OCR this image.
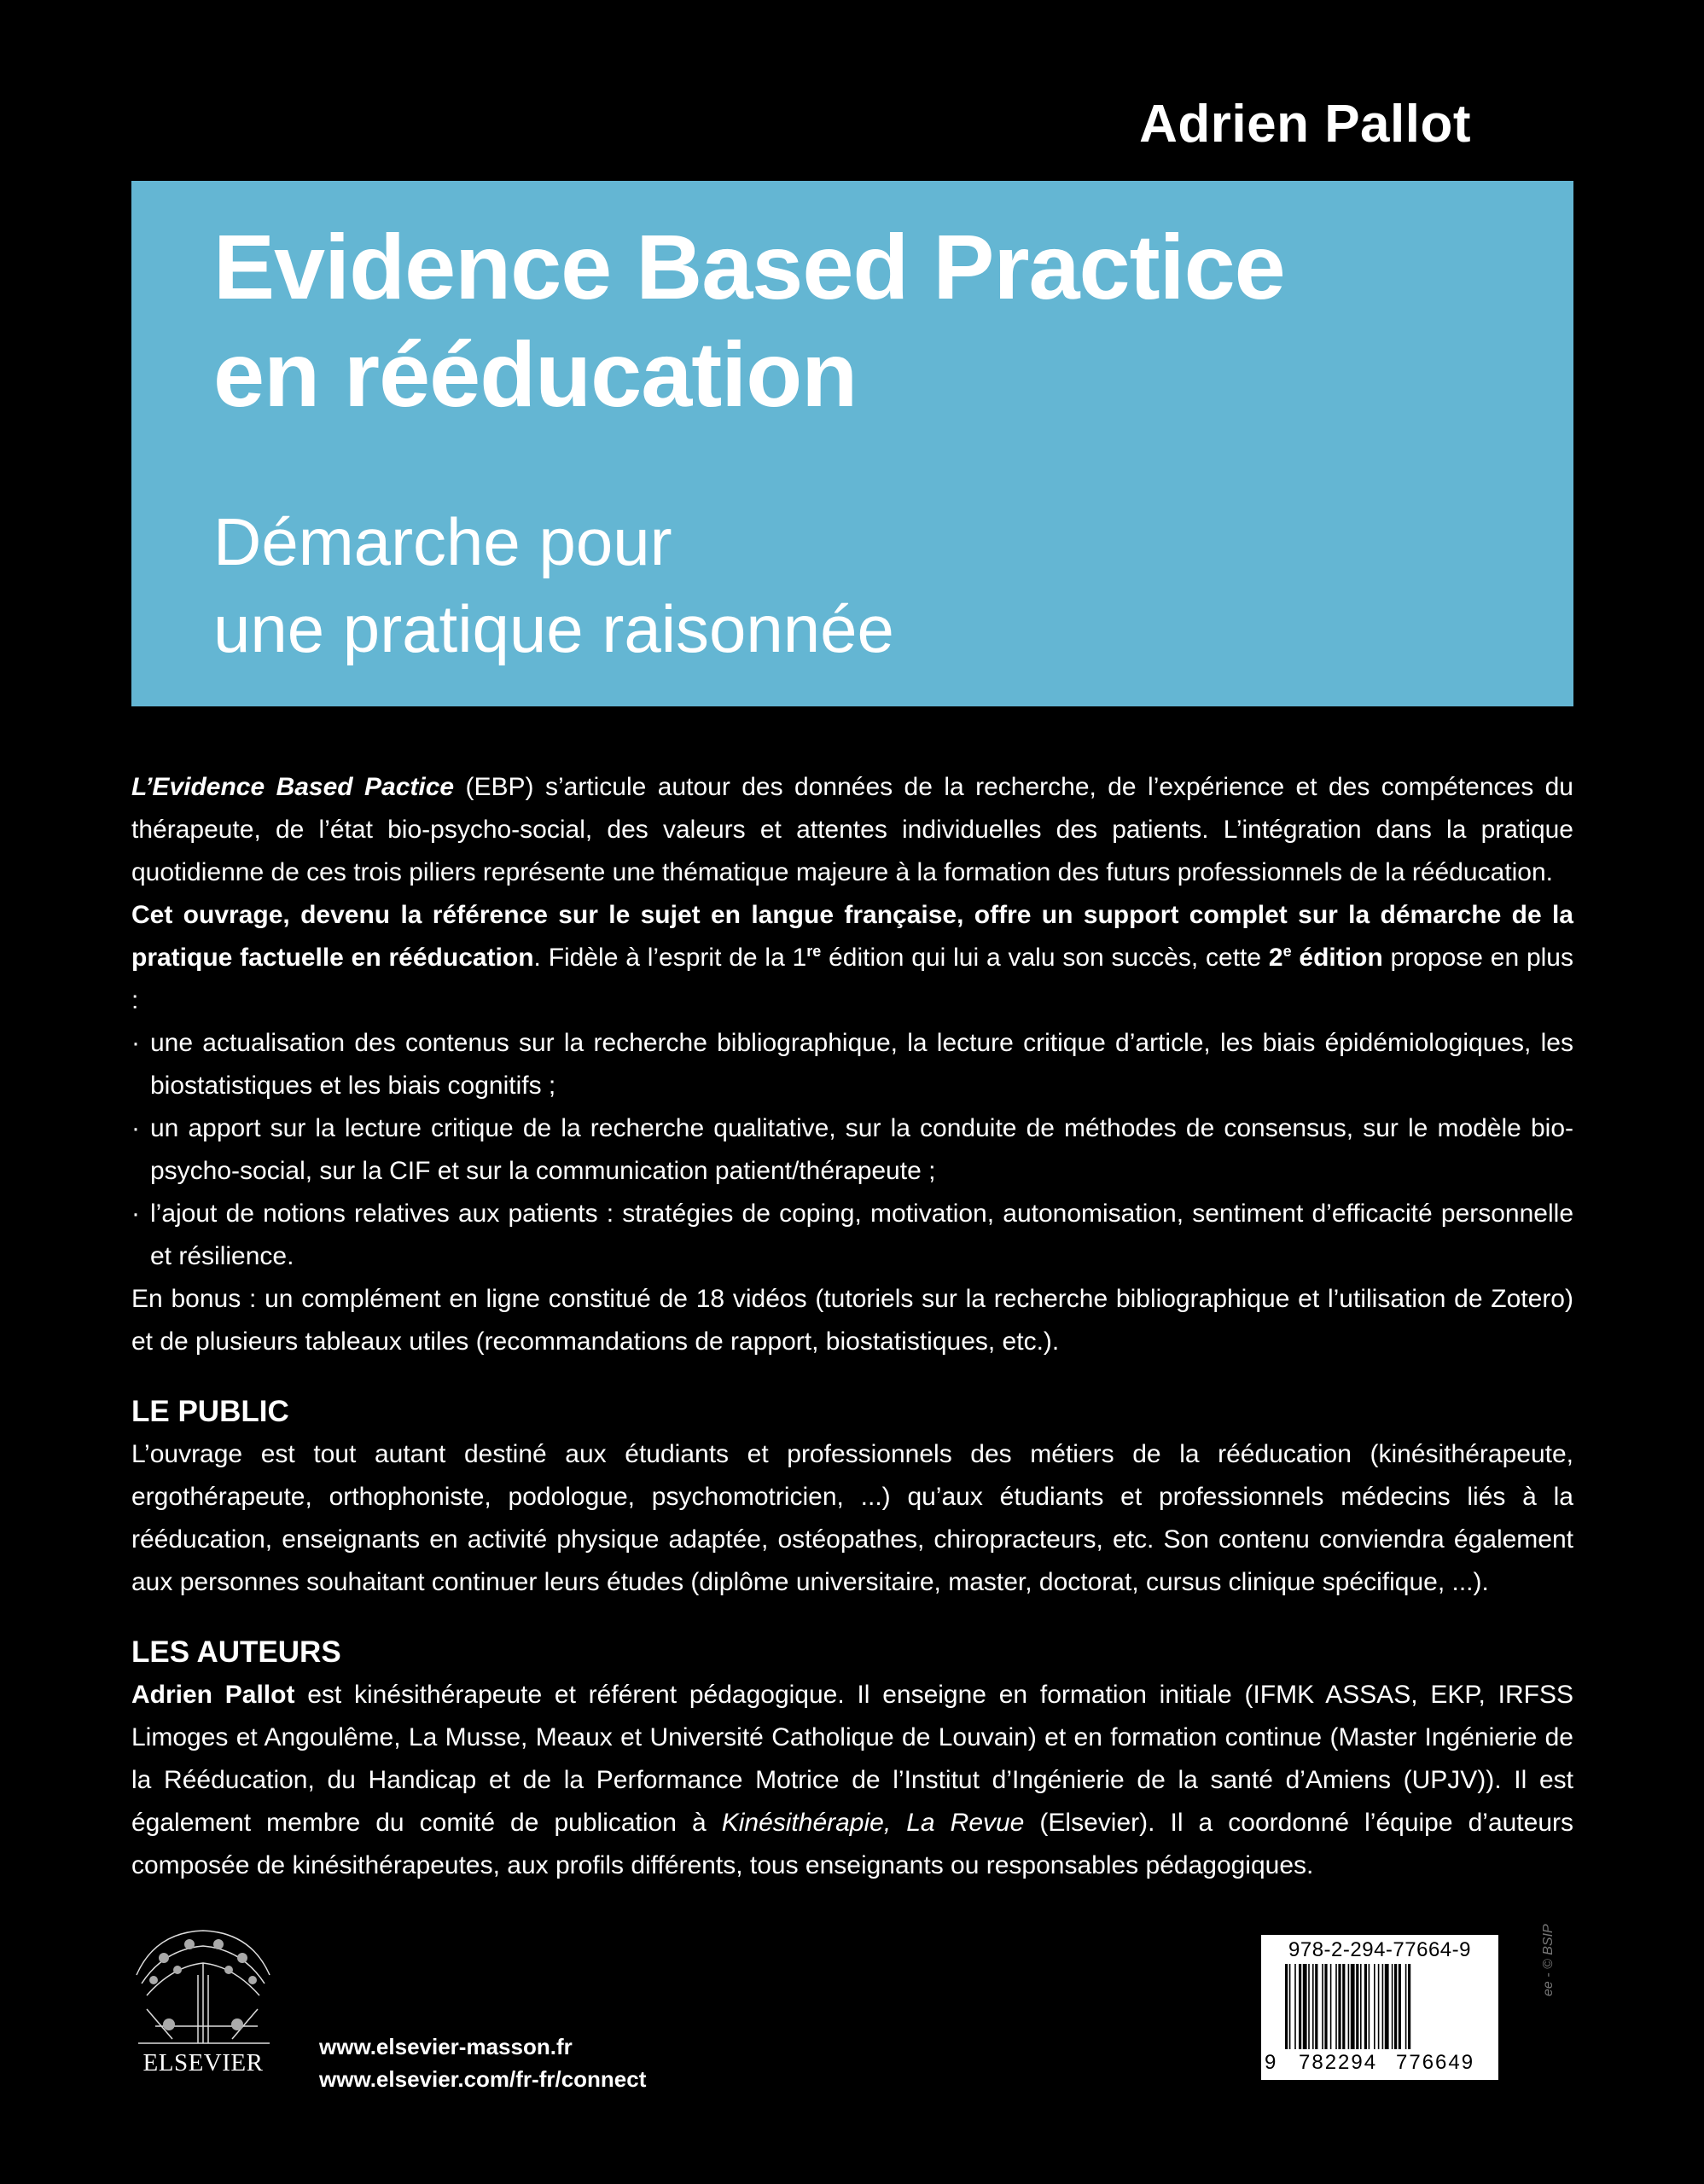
Adrien Pallot
Evidence Based Practice
en rééducation
Démarche pour
une pratique raisonnée

L’Evidence Based Pactice (EBP) s’articule autour des données de la recherche, de l’expérience et des compétences du thérapeute, de l’état bio-psycho-social, des valeurs et attentes individuelles des patients. L’intégration dans la pratique quotidienne de ces trois piliers représente une thématique majeure à la formation des futurs professionnels de la rééducation.

Cet ouvrage, devenu la référence sur le sujet en langue française, offre un support complet sur la démarche de la pratique factuelle en rééducation. Fidèle à l’esprit de la 1re édition qui lui a valu son succès, cette 2e édition propose en plus :

· une actualisation des contenus sur la recherche bibliographique, la lecture critique d’article, les biais épidémiologiques, les biostatistiques et les biais cognitifs ;
· un apport sur la lecture critique de la recherche qualitative, sur la conduite de méthodes de consensus, sur le modèle bio-psycho-social, sur la CIF et sur la communication patient/thérapeute ;
· l’ajout de notions relatives aux patients : stratégies de coping, motivation, autonomisation, sentiment d’efficacité personnelle et résilience.

En bonus : un complément en ligne constitué de 18 vidéos (tutoriels sur la recherche bibliographique et l’utilisation de Zotero) et de plusieurs tableaux utiles (recommandations de rapport, biostatistiques, etc.).

LE PUBLIC

L’ouvrage est tout autant destiné aux étudiants et professionnels des métiers de la rééducation (kinésithérapeute, ergothérapeute, orthophoniste, podologue, psychomotricien, ...) qu’aux étudiants et professionnels médecins liés à la rééducation, enseignants en activité physique adaptée, ostéopathes, chiropracteurs, etc. Son contenu conviendra également aux personnes souhaitant continuer leurs études (diplôme universitaire, master, doctorat, cursus clinique spécifique, ...).

LES AUTEURS

Adrien Pallot est kinésithérapeute et référent pédagogique. Il enseigne en formation initiale (IFMK ASSAS, EKP, IRFSS Limoges et Angoulême, La Musse, Meaux et Université Catholique de Louvain) et en formation continue (Master Ingénierie de la Rééducation, du Handicap et de la Performance Motrice de l’Institut d’Ingénierie de la santé d’Amiens (UPJV)). Il est également membre du comité de publication à Kinésithérapie, La Revue (Elsevier). Il a coordonné l’équipe d’auteurs composée de kinésithérapeutes, aux profils différents, tous enseignants ou responsables pédagogiques.

ELSEVIER
www.elsevier-masson.fr
www.elsevier.com/fr-fr/connect
978-2-294-77664-9
9 782294 776649
ee - © BSIP
